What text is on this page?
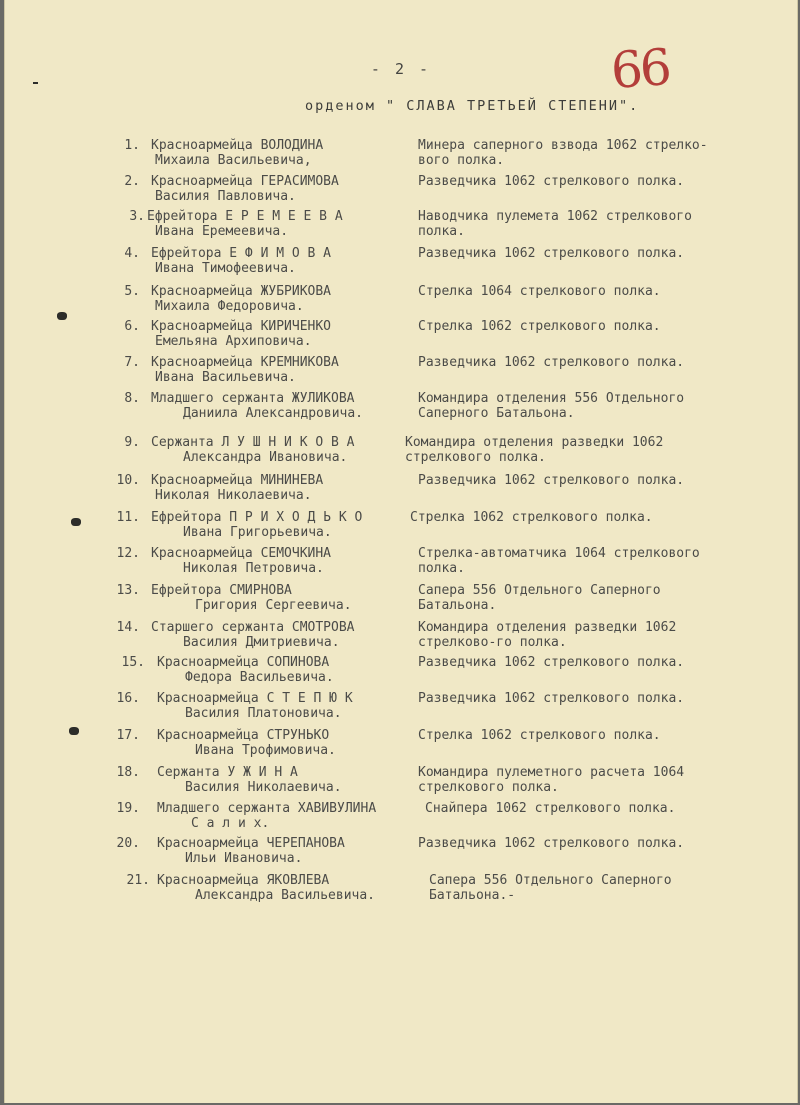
- 2 -	66
орденом " СЛАВА ТРЕТЬЕЙ СТЕПЕНИ".
1. Красноармейца ВОЛОДИНА
Михаила Васильевича,
Минера саперного взвода 1062 стрелко-
вого полка.
2. Красноармейца ГЕРАСИМОВА
Василия Павловича.
Разведчика 1062 стрелкового полка.
3. Ефрейтора Е Р Е М Е Е В А
Ивана Еремеевича.
Наводчика пулемета 1062 стрелкового
полка.
4. Ефрейтора Е Ф И М О В А
Ивана Тимофеевича.
Разведчика 1062 стрелкового полка.
5. Красноармейца ЖУБРИКОВА
Михаила Федоровича.
Стрелка 1064 стрелкового полка.
6. Красноармейца КИРИЧЕНКО
Емельяна Архиповича.
Стрелка 1062 стрелкового полка.
7. Красноармейца КРЕМНИКОВА
Ивана Васильевича.
Разведчика 1062 стрелкового полка.
8. Младшего сержанта ЖУЛИКОВА
Даниила Александровича.
Командира отделения 556 Отдельного
Саперного Батальона.
9. Сержанта Л У Ш Н И К О В А
Александра Ивановича.
Командира отделения разведки 1062
стрелкового полка.
10. Красноармейца МИНИНЕВА
Николая Николаевича.
Разведчика 1062 стрелкового полка.
11. Ефрейтора П Р И Х О Д Ь К О
Ивана Григорьевича.
Стрелка 1062 стрелкового полка.
12. Красноармейца СЕМОЧКИНА
Николая Петровича.
Стрелка-автоматчика 1064 стрелкового
полка.
13. Ефрейтора СМИРНОВА
Григория Сергеевича.
Сапера 556 Отдельного Саперного
Батальона.
14. Старшего сержанта СМОТРОВА
Василия Дмитриевича.
Командира отделения разведки 1062
стрелково-го полка.
15. Красноармейца СОПИНОВА
Федора Васильевича.
Разведчика 1062 стрелкового полка.
16. Красноармейца С Т Е П Ю К
Василия Платоновича.
Разведчика 1062 стрелкового полка.
17. Красноармейца СТРУНЬКО
Ивана Трофимовича.
Стрелка 1062 стрелкового полка.
18. Сержанта У Ж И Н А
Василия Николаевича.
Командира пулеметного расчета 1064
стрелкового полка.
19. Младшего сержанта ХАВИВУЛИНА
С а л и х.
Снайпера 1062 стрелкового полка.
20. Красноармейца ЧЕРЕПАНОВА
Ильи Ивановича.
Разведчика 1062 стрелкового полка.
21. Красноармейца ЯКОВЛЕВА
Александра Васильевича.
Сапера 556 Отдельного Саперного
Батальона.-
